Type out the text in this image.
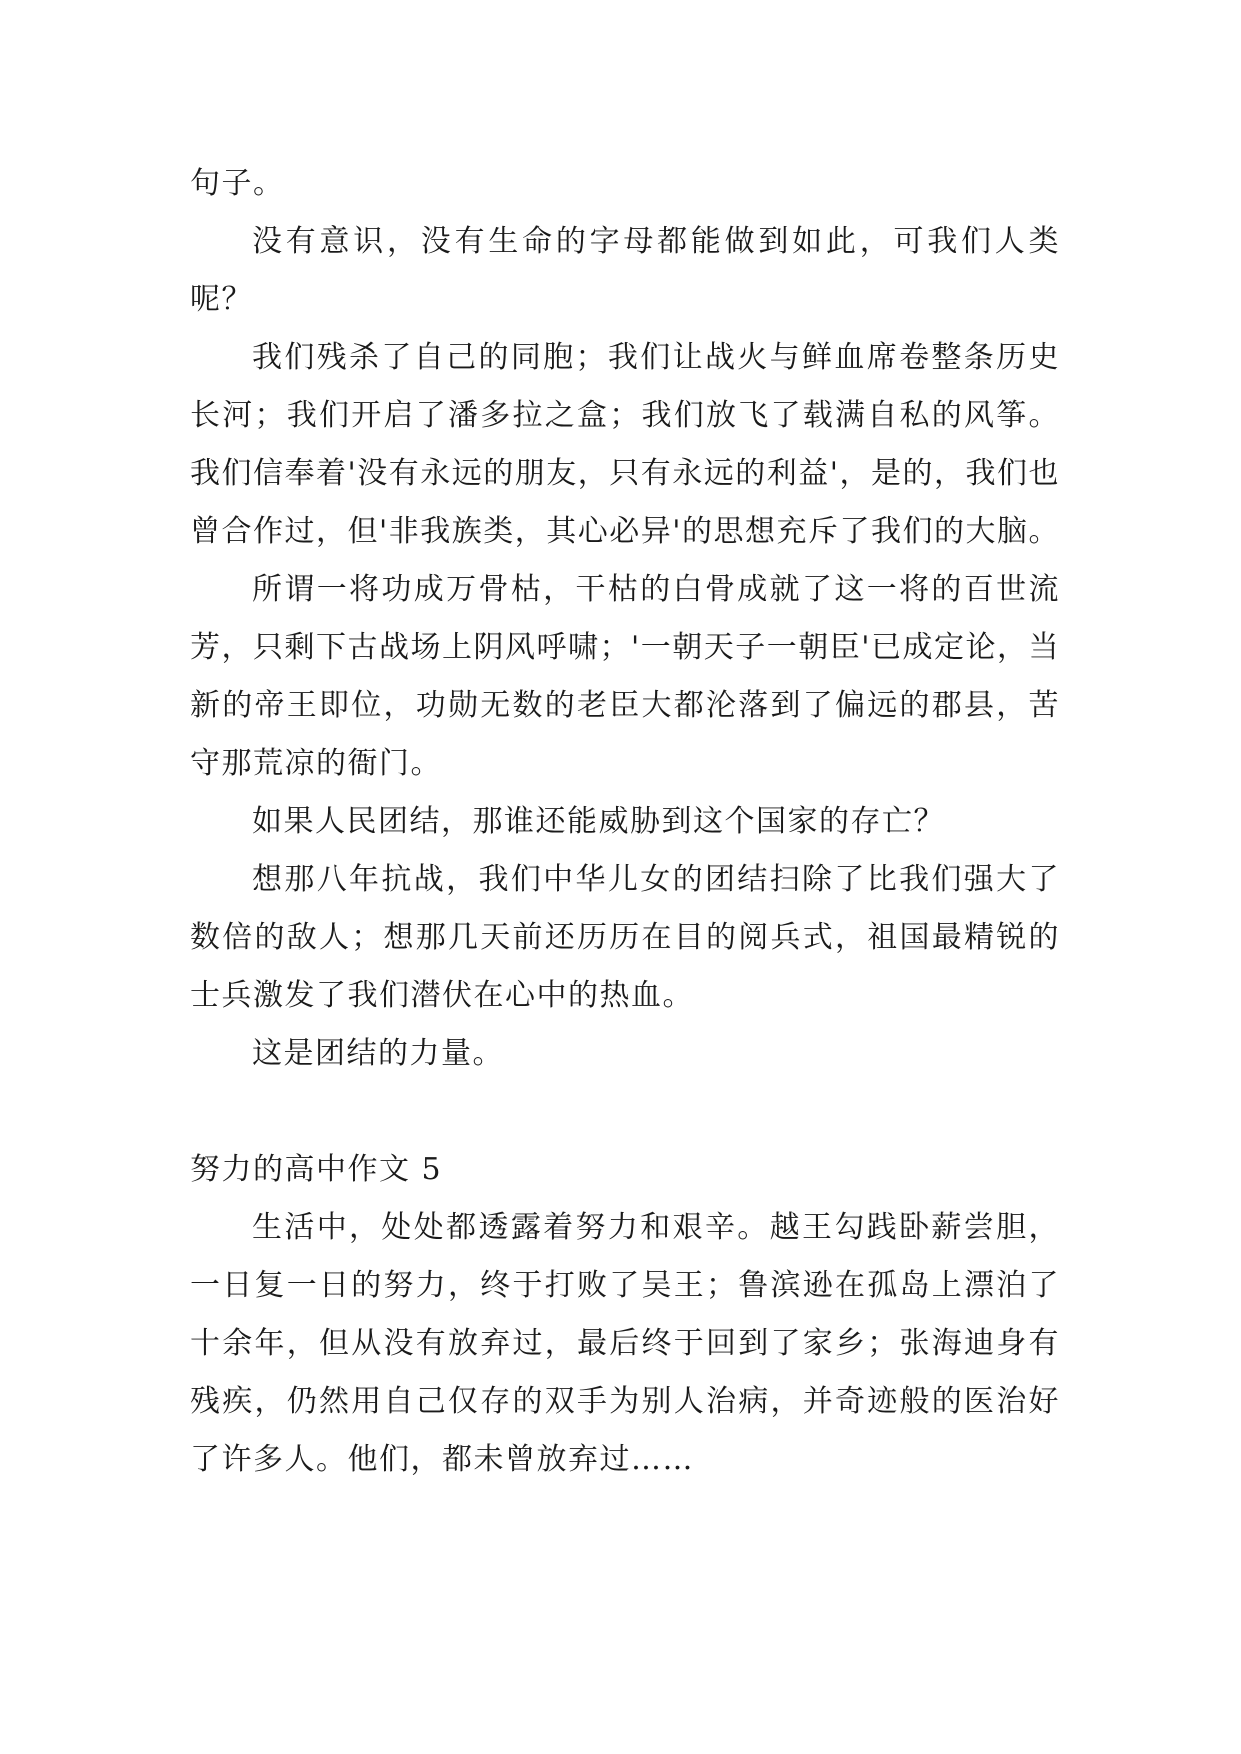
句子。

没有意识，没有生命的字母都能做到如此，可我们人类呢？

我们残杀了自己的同胞；我们让战火与鲜血席卷整条历史长河；我们开启了潘多拉之盒；我们放飞了载满自私的风筝。我们信奉着'没有永远的朋友，只有永远的利益'，是的，我们也曾合作过，但'非我族类，其心必异'的思想充斥了我们的大脑。

所谓一将功成万骨枯，干枯的白骨成就了这一将的百世流芳，只剩下古战场上阴风呼啸；'一朝天子一朝臣'已成定论，当新的帝王即位，功勋无数的老臣大都沦落到了偏远的郡县，苦守那荒凉的衙门。

如果人民团结，那谁还能威胁到这个国家的存亡？

想那八年抗战，我们中华儿女的团结扫除了比我们强大了数倍的敌人；想那几天前还历历在目的阅兵式，祖国最精锐的士兵激发了我们潜伏在心中的热血。

这是团结的力量。

努力的高中作文 5

生活中，处处都透露着努力和艰辛。越王勾践卧薪尝胆，一日复一日的努力，终于打败了吴王；鲁滨逊在孤岛上漂泊了十余年，但从没有放弃过，最后终于回到了家乡；张海迪身有残疾，仍然用自己仅存的双手为别人治病，并奇迹般的医治好了许多人。他们，都未曾放弃过……
